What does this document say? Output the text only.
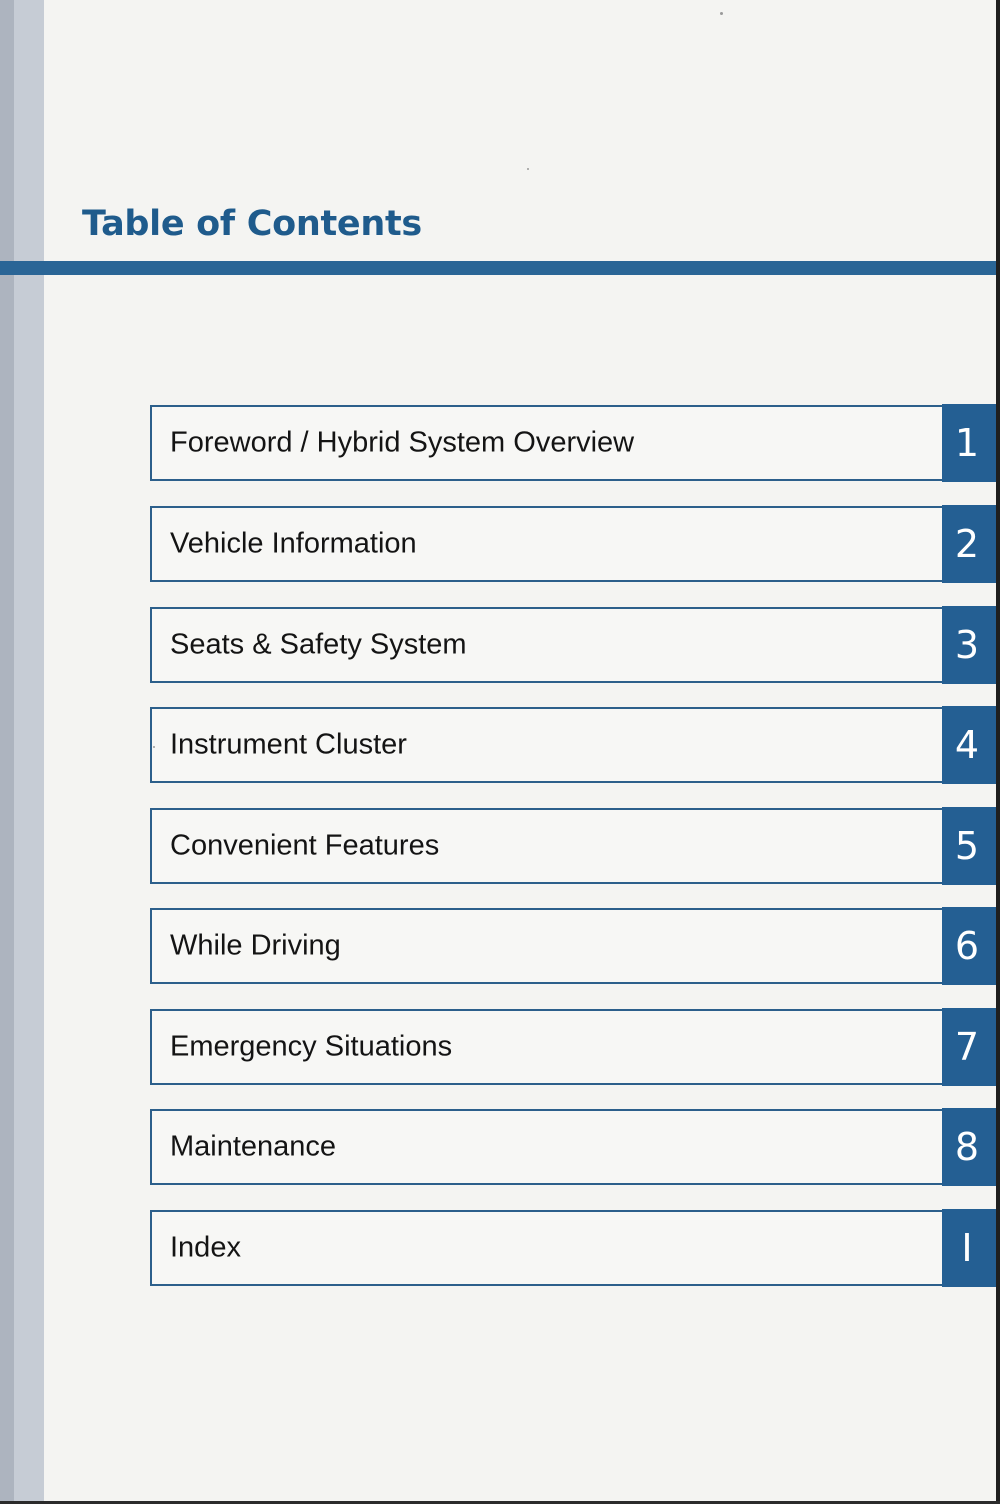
Table of Contents
Foreword / Hybrid System Overview	1
Vehicle Information	2
Seats & Safety System	3
Instrument Cluster	4
Convenient Features	5
While Driving	6
Emergency Situations	7
Maintenance	8
Index	I
